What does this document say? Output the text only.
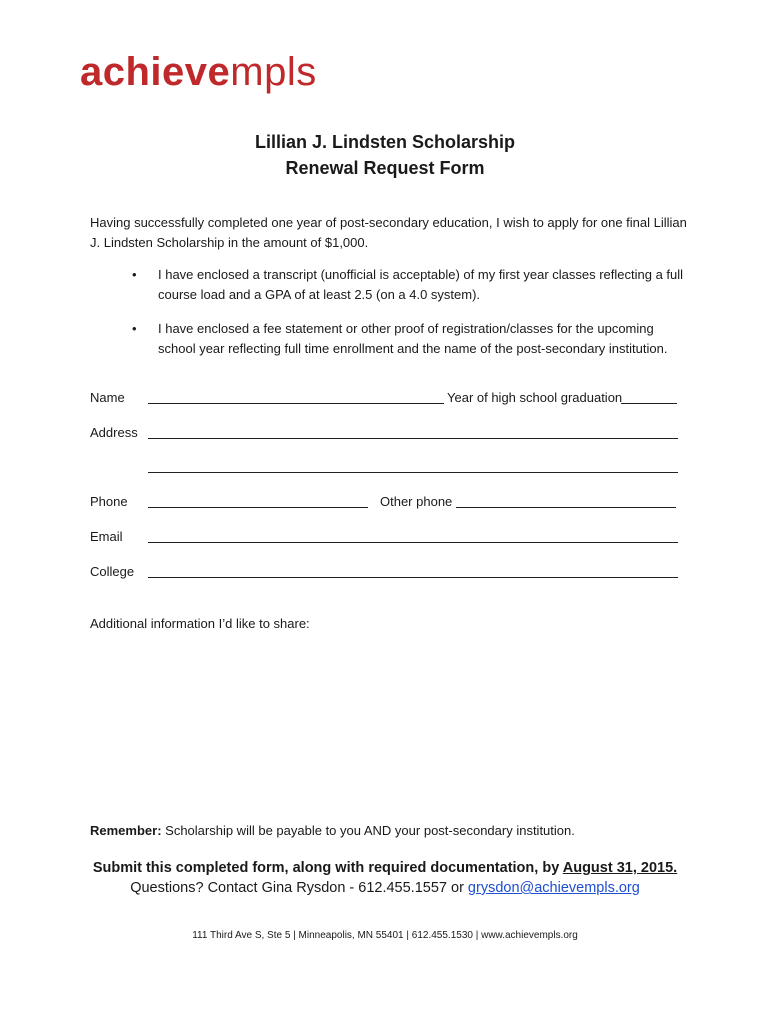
achievempls
Lillian J. Lindsten Scholarship
Renewal Request Form
Having successfully completed one year of post-secondary education, I wish to apply for one final Lillian J. Lindsten Scholarship in the amount of $1,000.
• I have enclosed a transcript (unofficial is acceptable) of my first year classes reflecting a full course load and a GPA of at least 2.5 (on a 4.0 system).
• I have enclosed a fee statement or other proof of registration/classes for the upcoming school year reflecting full time enrollment and the name of the post-secondary institution.
Name	Year of high school graduation
Address
Phone	Other phone
Email
College
Additional information I’d like to share:
Remember: Scholarship will be payable to you AND your post-secondary institution.
Submit this completed form, along with required documentation, by August 31, 2015.
Questions? Contact Gina Rysdon - 612.455.1557 or grysdon@achievempls.org
111 Third Ave S, Ste 5 | Minneapolis, MN 55401 | 612.455.1530 | www.achievempls.org
